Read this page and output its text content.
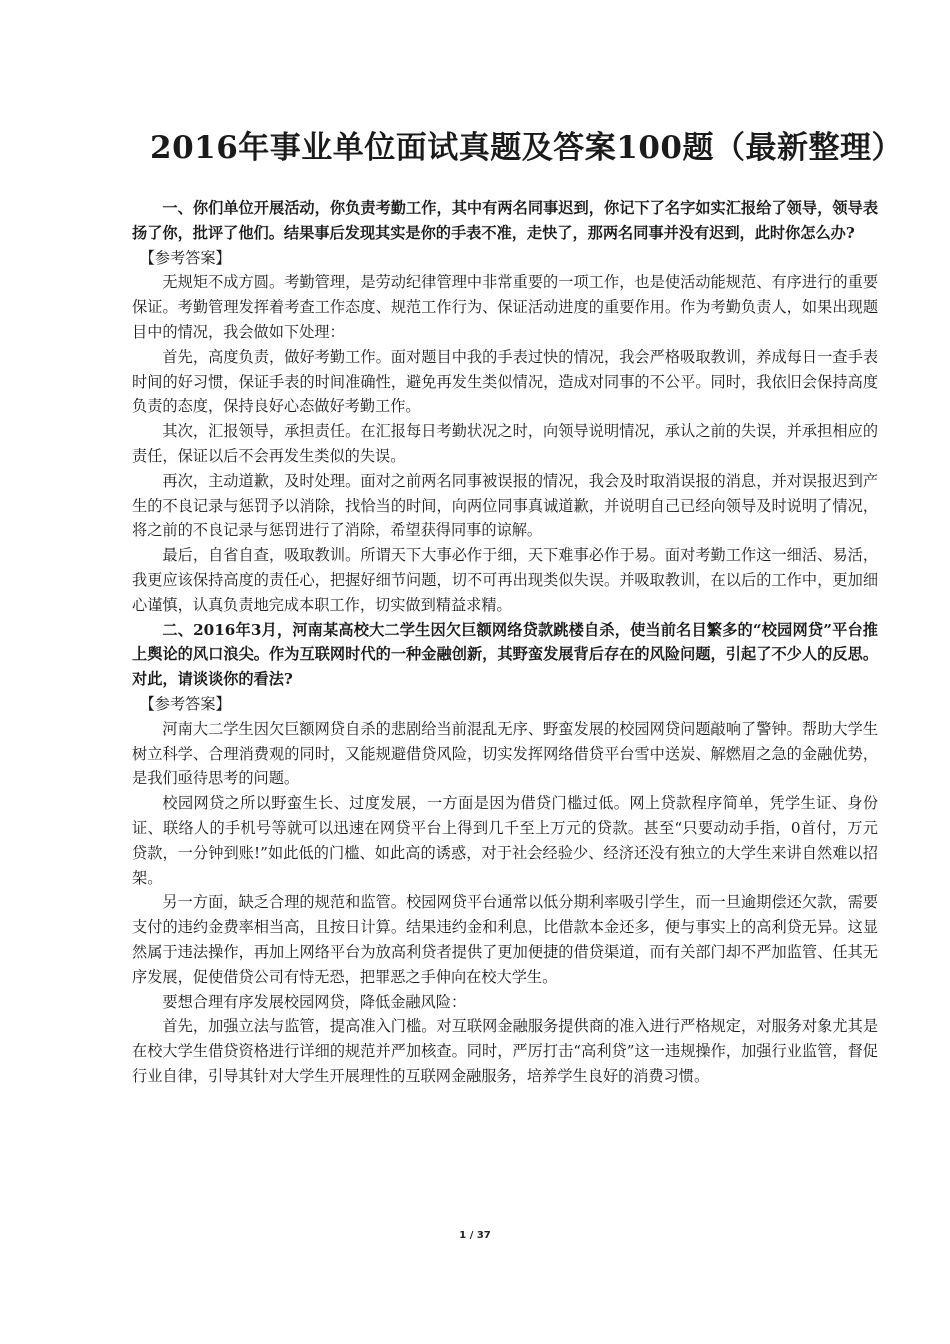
2016年事业单位面试真题及答案100题（最新整理）

一、你们单位开展活动，你负责考勤工作，其中有两名同事迟到，你记下了名字如实汇报给了领导，领导表扬了你，批评了他们。结果事后发现其实是你的手表不准，走快了，那两名同事并没有迟到，此时你怎么办?

【参考答案】

无规矩不成方圆。考勤管理，是劳动纪律管理中非常重要的一项工作，也是使活动能规范、有序进行的重要保证。考勤管理发挥着考查工作态度、规范工作行为、保证活动进度的重要作用。作为考勤负责人，如果出现题目中的情况，我会做如下处理：

首先，高度负责，做好考勤工作。面对题目中我的手表过快的情况，我会严格吸取教训，养成每日一查手表时间的好习惯，保证手表的时间准确性，避免再发生类似情况，造成对同事的不公平。同时，我依旧会保持高度负责的态度，保持良好心态做好考勤工作。

其次，汇报领导，承担责任。在汇报每日考勤状况之时，向领导说明情况，承认之前的失误，并承担相应的责任，保证以后不会再发生类似的失误。

再次，主动道歉，及时处理。面对之前两名同事被误报的情况，我会及时取消误报的消息，并对误报迟到产生的不良记录与惩罚予以消除，找恰当的时间，向两位同事真诚道歉，并说明自己已经向领导及时说明了情况，将之前的不良记录与惩罚进行了消除，希望获得同事的谅解。

最后，自省自查，吸取教训。所谓天下大事必作于细，天下难事必作于易。面对考勤工作这一细活、易活，我更应该保持高度的责任心，把握好细节问题，切不可再出现类似失误。并吸取教训，在以后的工作中，更加细心谨慎，认真负责地完成本职工作，切实做到精益求精。

二、2016年3月，河南某高校大二学生因欠巨额网络贷款跳楼自杀，使当前名目繁多的“校园网贷”平台推上舆论的风口浪尖。作为互联网时代的一种金融创新，其野蛮发展背后存在的风险问题，引起了不少人的反思。对此，请谈谈你的看法?

【参考答案】

河南大二学生因欠巨额网贷自杀的悲剧给当前混乱无序、野蛮发展的校园网贷问题敲响了警钟。帮助大学生树立科学、合理消费观的同时，又能规避借贷风险，切实发挥网络借贷平台雪中送炭、解燃眉之急的金融优势，是我们亟待思考的问题。

校园网贷之所以野蛮生长、过度发展，一方面是因为借贷门槛过低。网上贷款程序简单，凭学生证、身份证、联络人的手机号等就可以迅速在网贷平台上得到几千至上万元的贷款。甚至“只要动动手指，0首付，万元贷款，一分钟到账!”如此低的门槛、如此高的诱惑，对于社会经验少、经济还没有独立的大学生来讲自然难以招架。

另一方面，缺乏合理的规范和监管。校园网贷平台通常以低分期利率吸引学生，而一旦逾期偿还欠款，需要支付的违约金费率相当高，且按日计算。结果违约金和利息，比借款本金还多，便与事实上的高利贷无异。这显然属于违法操作，再加上网络平台为放高利贷者提供了更加便捷的借贷渠道，而有关部门却不严加监管、任其无序发展，促使借贷公司有恃无恐，把罪恶之手伸向在校大学生。

要想合理有序发展校园网贷，降低金融风险：

首先，加强立法与监管，提高准入门槛。对互联网金融服务提供商的准入进行严格规定，对服务对象尤其是在校大学生借贷资格进行详细的规范并严加核查。同时，严厉打击“高利贷”这一违规操作，加强行业监管，督促行业自律，引导其针对大学生开展理性的互联网金融服务，培养学生良好的消费习惯。

1 / 37
